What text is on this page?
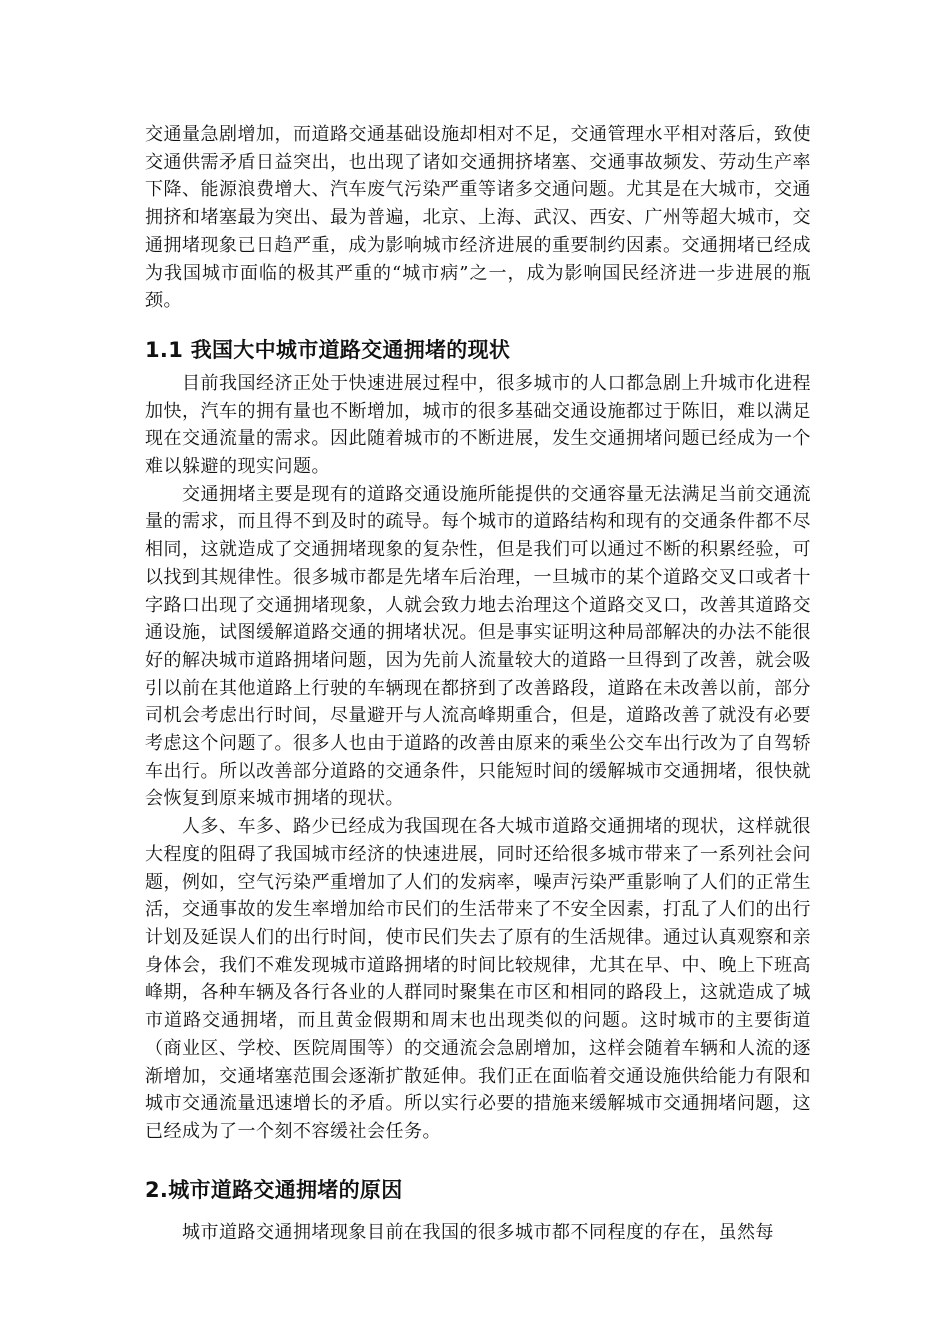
交通量急剧增加，而道路交通基础设施却相对不足，交通管理水平相对落后，致使交通供需矛盾日益突出，也出现了诸如交通拥挤堵塞、交通事故频发、劳动生产率下降、能源浪费增大、汽车废气污染严重等诸多交通问题。尤其是在大城市，交通拥挤和堵塞最为突出、最为普遍，北京、上海、武汉、西安、广州等超大城市，交通拥堵现象已日趋严重，成为影响城市经济进展的重要制约因素。交通拥堵已经成为我国城市面临的极其严重的“城市病”之一，成为影响国民经济进一步进展的瓶颈。

1.1 我国大中城市道路交通拥堵的现状

目前我国经济正处于快速进展过程中，很多城市的人口都急剧上升城市化进程加快，汽车的拥有量也不断增加，城市的很多基础交通设施都过于陈旧，难以满足现在交通流量的需求。因此随着城市的不断进展，发生交通拥堵问题已经成为一个难以躲避的现实问题。

交通拥堵主要是现有的道路交通设施所能提供的交通容量无法满足当前交通流量的需求，而且得不到及时的疏导。每个城市的道路结构和现有的交通条件都不尽相同，这就造成了交通拥堵现象的复杂性，但是我们可以通过不断的积累经验，可以找到其规律性。很多城市都是先堵车后治理，一旦城市的某个道路交叉口或者十字路口出现了交通拥堵现象，人就会致力地去治理这个道路交叉口，改善其道路交通设施，试图缓解道路交通的拥堵状况。但是事实证明这种局部解决的办法不能很好的解决城市道路拥堵问题，因为先前人流量较大的道路一旦得到了改善，就会吸引以前在其他道路上行驶的车辆现在都挤到了改善路段，道路在未改善以前，部分司机会考虑出行时间，尽量避开与人流高峰期重合，但是，道路改善了就没有必要考虑这个问题了。很多人也由于道路的改善由原来的乘坐公交车出行改为了自驾轿车出行。所以改善部分道路的交通条件，只能短时间的缓解城市交通拥堵，很快就会恢复到原来城市拥堵的现状。

人多、车多、路少已经成为我国现在各大城市道路交通拥堵的现状，这样就很大程度的阻碍了我国城市经济的快速进展，同时还给很多城市带来了一系列社会问题，例如，空气污染严重增加了人们的发病率，噪声污染严重影响了人们的正常生活，交通事故的发生率增加给市民们的生活带来了不安全因素，打乱了人们的出行计划及延误人们的出行时间，使市民们失去了原有的生活规律。通过认真观察和亲身体会，我们不难发现城市道路拥堵的时间比较规律，尤其在早、中、晚上下班高峰期，各种车辆及各行各业的人群同时聚集在市区和相同的路段上，这就造成了城市道路交通拥堵，而且黄金假期和周末也出现类似的问题。这时城市的主要街道（商业区、学校、医院周围等）的交通流会急剧增加，这样会随着车辆和人流的逐渐增加，交通堵塞范围会逐渐扩散延伸。我们正在面临着交通设施供给能力有限和城市交通流量迅速增长的矛盾。所以实行必要的措施来缓解城市交通拥堵问题，这已经成为了一个刻不容缓社会任务。

2.城市道路交通拥堵的原因

城市道路交通拥堵现象目前在我国的很多城市都不同程度的存在，虽然每
